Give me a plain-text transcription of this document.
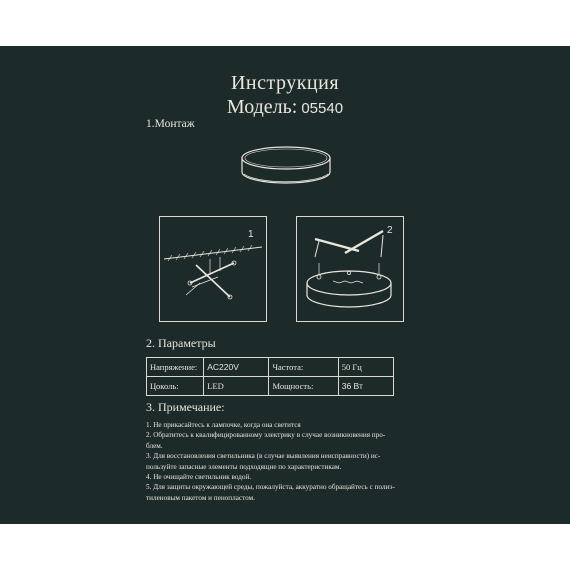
Инструкция
Модель: 05540
1.Монтаж
1	2
2. Параметры
Напряжение:	AC220V	Частота:	50 Гц
Цоколь:	LED	Мощность:	36 Вт
3. Примечание:
1. Не прикасайтесь к лампочке, когда она светится
2. Обратитесь к квалифицированному электрику в случае возникновения про-
блем.
3. Для восстановления светильника (в случае выявления неисправности) ис-
пользуйте запасные элементы подходящие по характеристикам.
4. Не очищайте светильник водой.
5. Для защиты окружающей среды, пожалуйста, аккуратно обращайтесь с полиэ-
тиленовым пакетом и пенопластом.
